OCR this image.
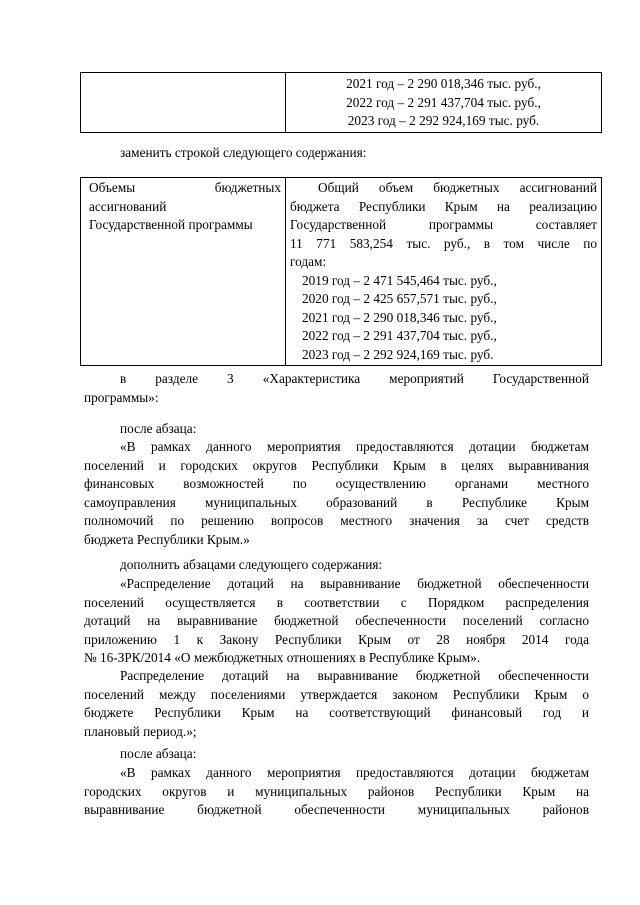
2021 год – 2 290 018,346 тыс. руб.,
2022 год – 2 291 437,704 тыс. руб.,
2023 год – 2 292 924,169 тыс. руб.
заменить строкой следующего содержания:
Объемы	бюджетных
ассигнований
Государственной программы

Общий объем бюджетных ассигнований
бюджета Республики Крым на реализацию
Государственной программы составляет
11 771 583,254 тыс. руб., в том числе по
годам:
2019 год – 2 471 545,464 тыс. руб.,
2020 год – 2 425 657,571 тыс. руб.,
2021 год – 2 290 018,346 тыс. руб.,
2022 год – 2 291 437,704 тыс. руб.,
2023 год – 2 292 924,169 тыс. руб.
в разделе 3 «Характеристика мероприятий Государственной
программы»:
после абзаца:
«В рамках данного мероприятия предоставляются дотации бюджетам
поселений и городских округов Республики Крым в целях выравнивания
финансовых возможностей по осуществлению органами местного
самоуправления муниципальных образований в Республике Крым
полномочий по решению вопросов местного значения за счет средств
бюджета Республики Крым.»
дополнить абзацами следующего содержания:
«Распределение дотаций на выравнивание бюджетной обеспеченности
поселений осуществляется в соответствии с Порядком распределения
дотаций на выравнивание бюджетной обеспеченности поселений согласно
приложению 1 к Закону Республики Крым от 28 ноября 2014 года
№ 16-ЗРК/2014 «О межбюджетных отношениях в Республике Крым».
Распределение дотаций на выравнивание бюджетной обеспеченности
поселений между поселениями утверждается законом Республики Крым о
бюджете Республики Крым на соответствующий финансовый год и
плановый период.»;
после абзаца:
«В рамках данного мероприятия предоставляются дотации бюджетам
городских округов и муниципальных районов Республики Крым на
выравнивание бюджетной обеспеченности муниципальных районов
